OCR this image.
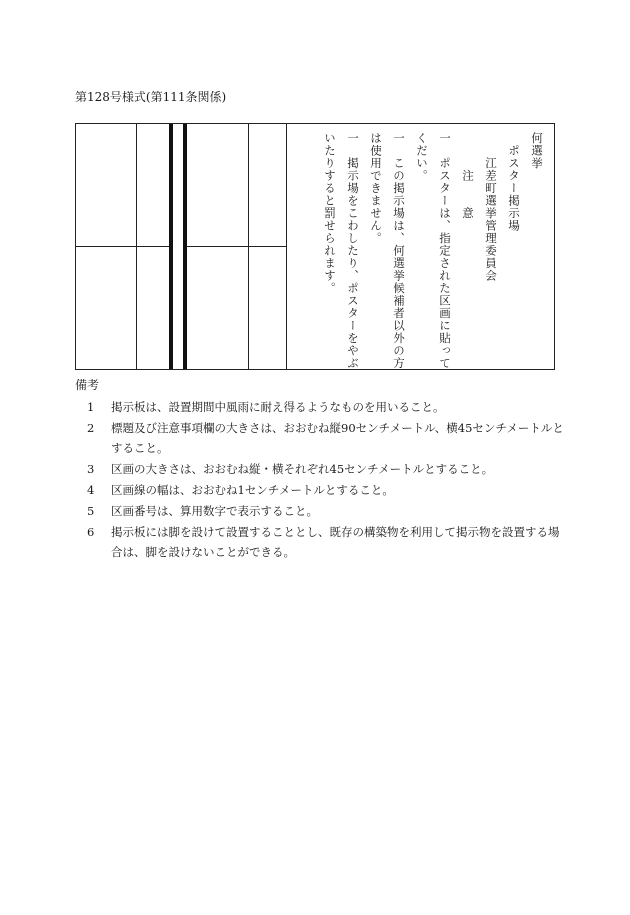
第128号様式(第111条関係)
何選挙
　ポスター掲示場
　　江差町選挙管理委員会
　　　注　　意
一　ポスターは、指定された区画に貼って
くだい。
一　この掲示場は、何選挙候補者以外の方
は使用できません。
一　掲示場をこわしたり、ポスターをやぶ
いたりすると罰せられます。
備考
1	掲示板は、設置期間中風雨に耐え得るようなものを用いること。
2	標題及び注意事項欄の大きさは、おおむね縦90センチメートル、横45センチメートルとすること。
3	区画の大きさは、おおむね縦・横それぞれ45センチメートルとすること。
4	区画線の幅は、おおむね1センチメートルとすること。
5	区画番号は、算用数字で表示すること。
6	掲示板には脚を設けて設置することとし、既存の構築物を利用して掲示物を設置する場合は、脚を設けないことができる。
